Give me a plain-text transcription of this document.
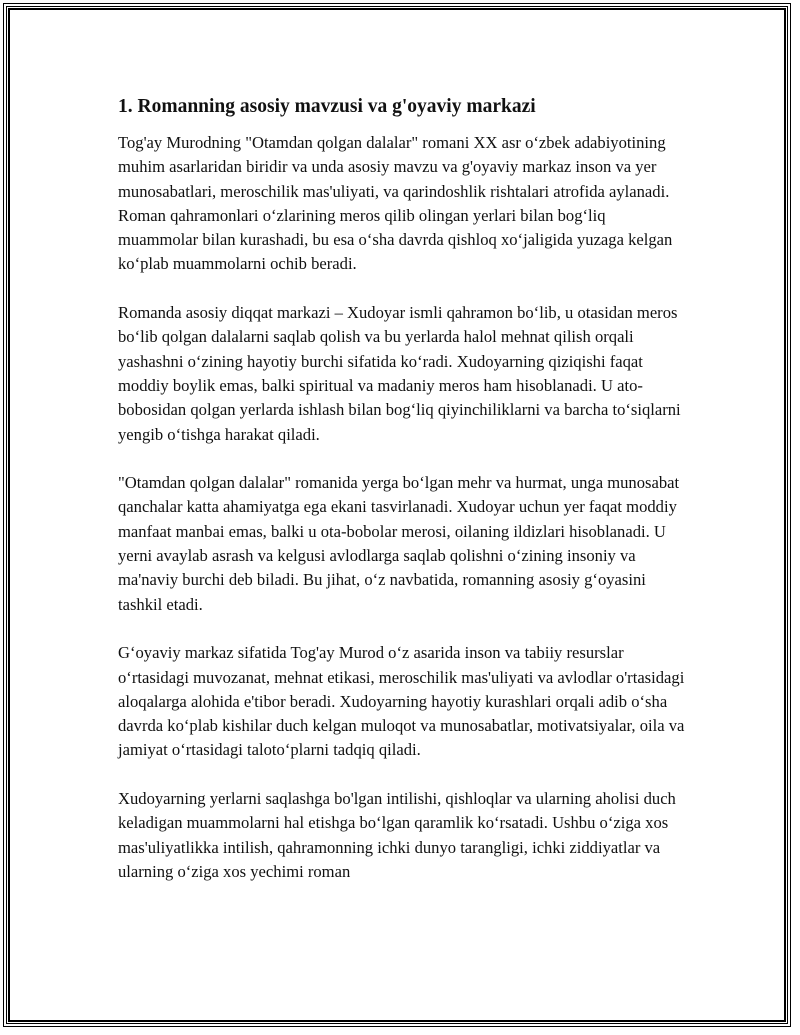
1. Romanning asosiy mavzusi va g'oyaviy markazi

Tog'ay Murodning "Otamdan qolgan dalalar" romani XX asr o‘zbek adabiyotining muhim asarlaridan biridir va unda asosiy mavzu va g'oyaviy markaz inson va yer munosabatlari, meroschilik mas'uliyati, va qarindoshlik rishtalari atrofida aylanadi. Roman qahramonlari o‘zlarining meros qilib olingan yerlari bilan bog‘liq muammolar bilan kurashadi, bu esa o‘sha davrda qishloq xo‘jaligida yuzaga kelgan ko‘plab muammolarni ochib beradi.

Romanda asosiy diqqat markazi – Xudoyar ismli qahramon bo‘lib, u otasidan meros bo‘lib qolgan dalalarni saqlab qolish va bu yerlarda halol mehnat qilish orqali yashashni o‘zining hayotiy burchi sifatida ko‘radi. Xudoyarning qiziqishi faqat moddiy boylik emas, balki spiritual va madaniy meros ham hisoblanadi. U ato-bobosidan qolgan yerlarda ishlash bilan bog‘liq qiyinchiliklarni va barcha to‘siqlarni yengib o‘tishga harakat qiladi.

"Otamdan qolgan dalalar" romanida yerga bo‘lgan mehr va hurmat, unga munosabat qanchalar katta ahamiyatga ega ekani tasvirlanadi. Xudoyar uchun yer faqat moddiy manfaat manbai emas, balki u ota-bobolar merosi, oilaning ildizlari hisoblanadi. U yerni avaylab asrash va kelgusi avlodlarga saqlab qolishni o‘zining insoniy va ma'naviy burchi deb biladi. Bu jihat, o‘z navbatida, romanning asosiy g‘oyasini tashkil etadi.

G‘oyaviy markaz sifatida Tog'ay Murod o‘z asarida inson va tabiiy resurslar o‘rtasidagi muvozanat, mehnat etikasi, meroschilik mas'uliyati va avlodlar o'rtasidagi aloqalarga alohida e'tibor beradi. Xudoyarning hayotiy kurashlari orqali adib o‘sha davrda ko‘plab kishilar duch kelgan muloqot va munosabatlar, motivatsiyalar, oila va jamiyat o‘rtasidagi taloto‘plarni tadqiq qiladi.

Xudoyarning yerlarni saqlashga bo'lgan intilishi, qishloqlar va ularning aholisi duch keladigan muammolarni hal etishga bo‘lgan qaramlik ko‘rsatadi. Ushbu o‘ziga xos mas'uliyatlikka intilish, qahramonning ichki dunyo tarangligi, ichki ziddiyatlar va ularning o‘ziga xos yechimi roman
